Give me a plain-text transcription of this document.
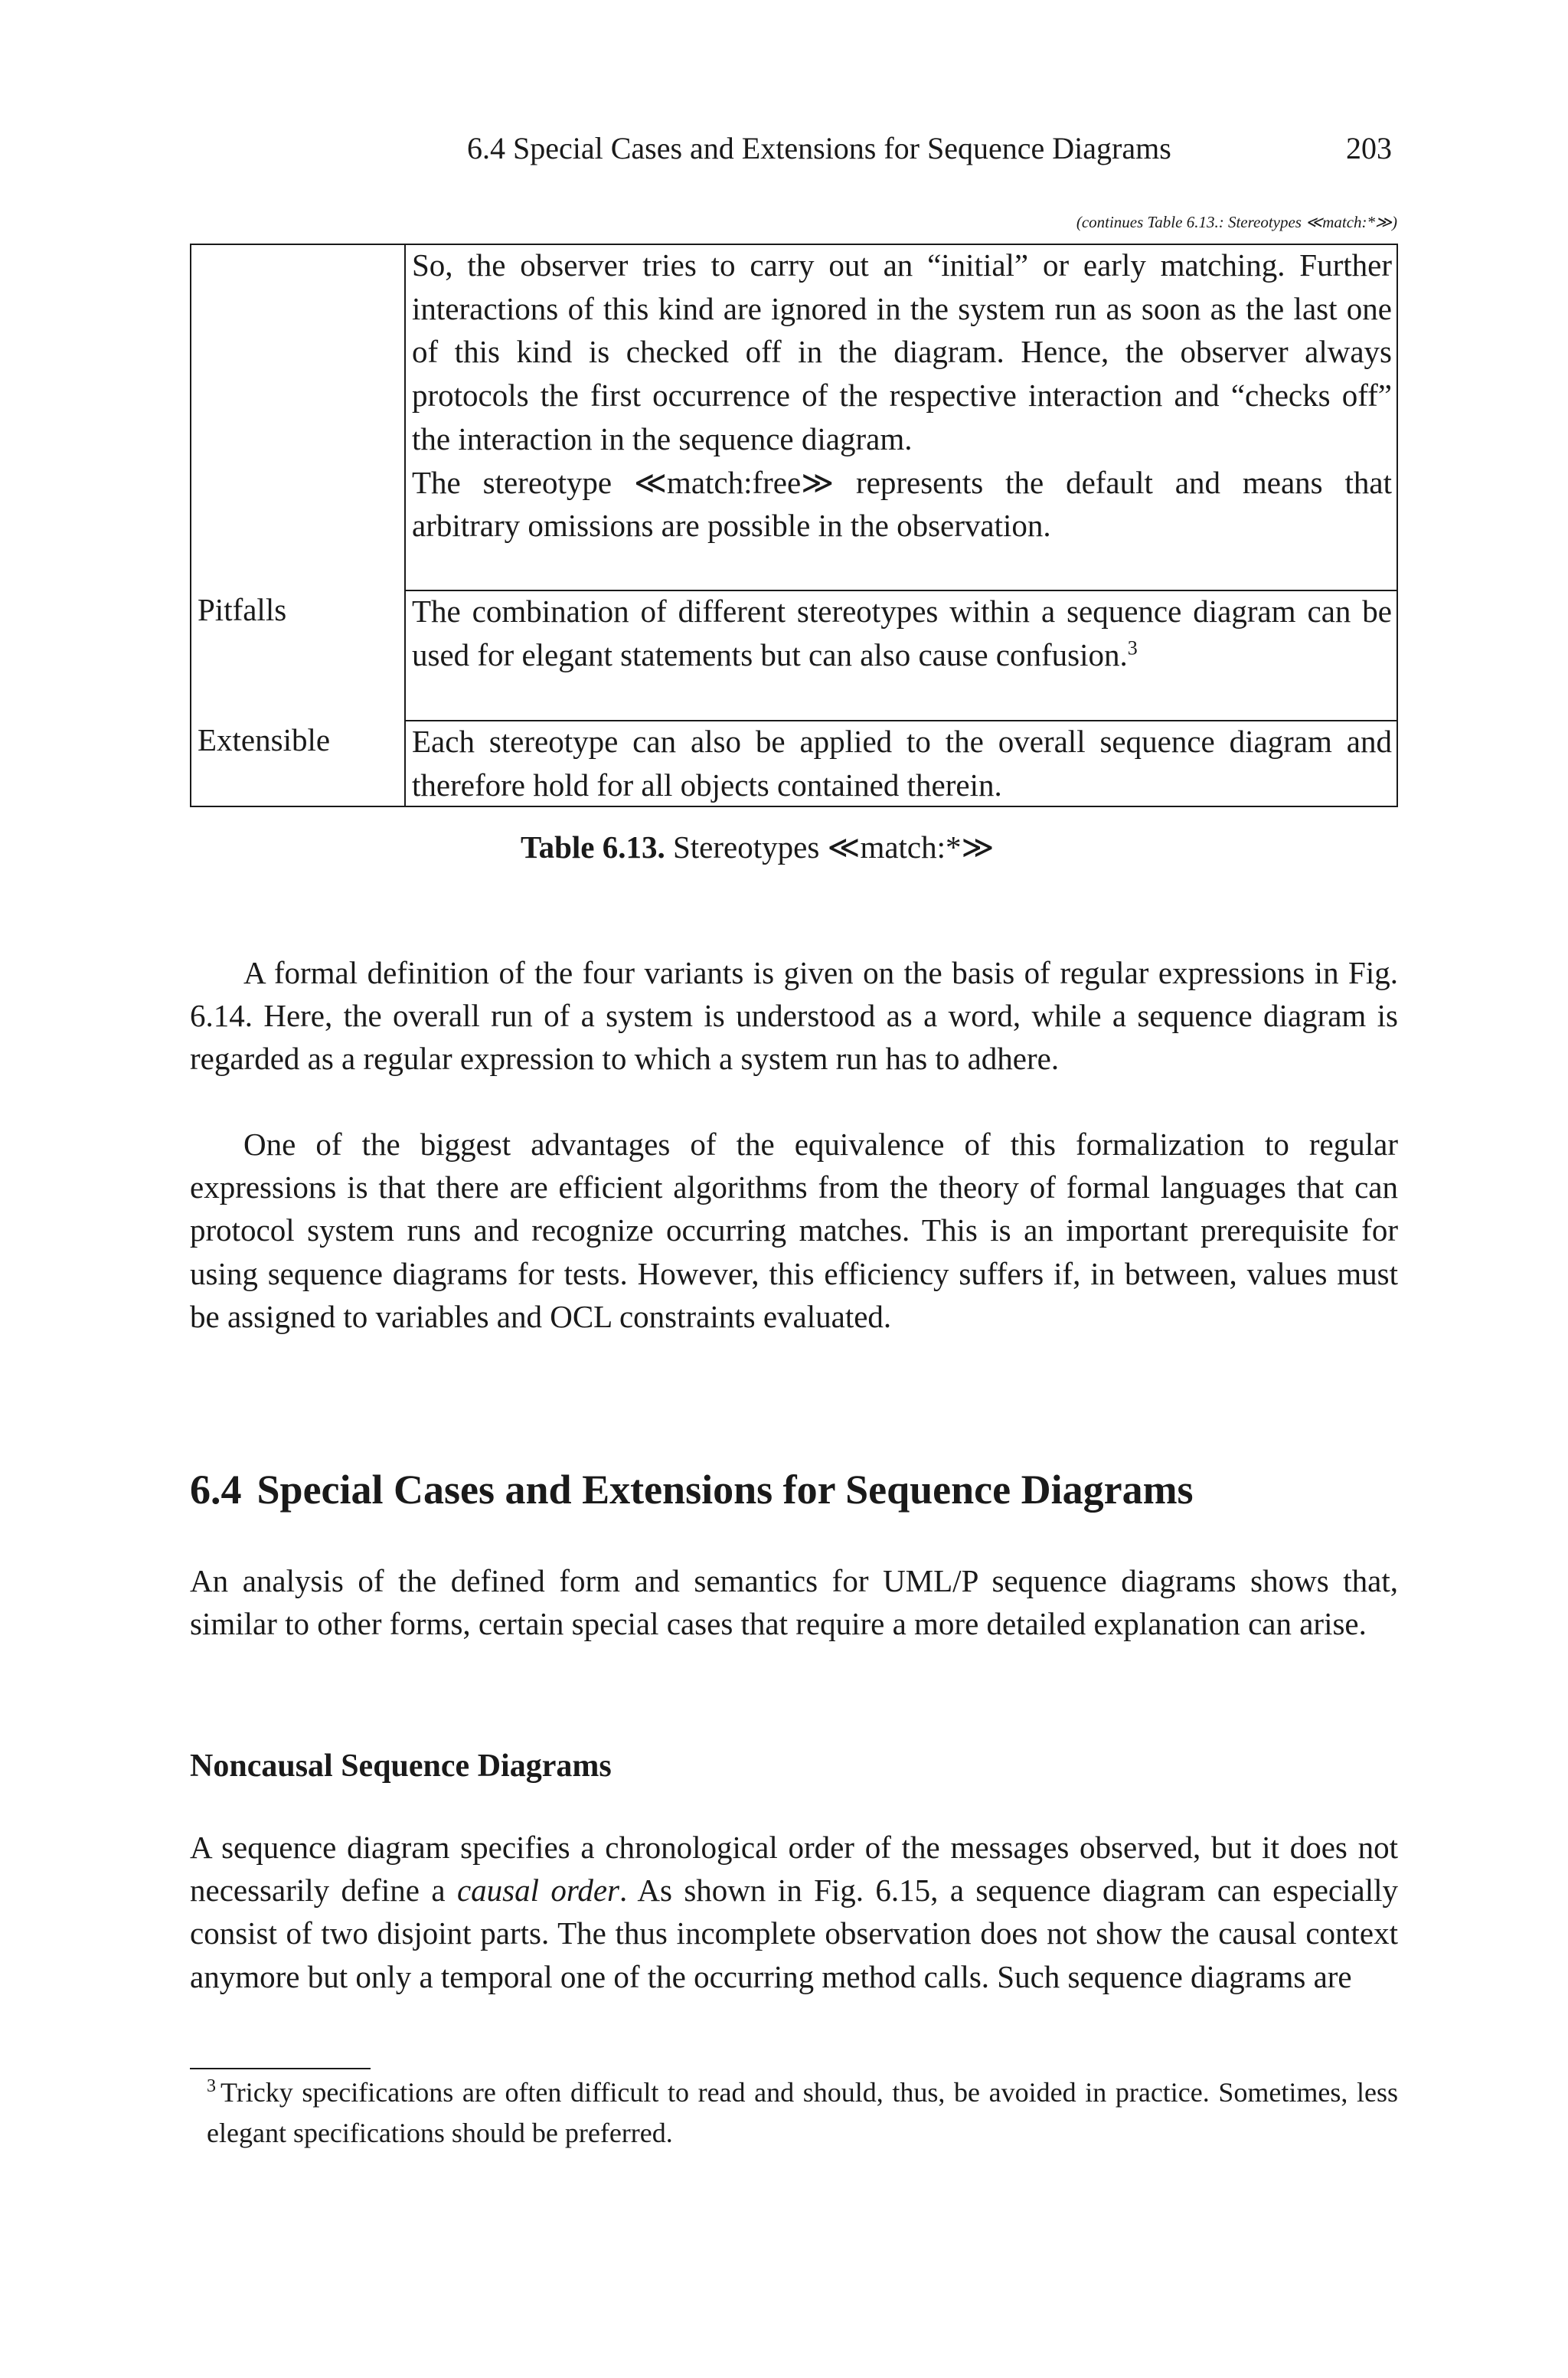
6.4 Special Cases and Extensions for Sequence Diagrams	203
(continues Table 6.13.: Stereotypes ≪match:*≫)

So, the observer tries to carry out an “initial” or early matching. Further interactions of this kind are ignored in the system run as soon as the last one of this kind is checked off in the diagram. Hence, the observer always protocols the first occurrence of the respective interaction and “checks off” the interaction in the sequence diagram.

The stereotype ≪match:free≫ represents the default and means that arbitrary omissions are possible in the observation.

Pitfalls	The combination of different stereotypes within a sequence diagram can be used for elegant statements but can also cause confusion.$^3$
Extensible	Each stereotype can also be applied to the overall sequence diagram and therefore hold for all objects contained therein.
Table 6.13. Stereotypes ≪match:*≫

A formal definition of the four variants is given on the basis of regular expressions in Fig. 6.14. Here, the overall run of a system is understood as a word, while a sequence diagram is regarded as a regular expression to which a system run has to adhere.

One of the biggest advantages of the equivalence of this formalization to regular expressions is that there are efficient algorithms from the theory of formal languages that can protocol system runs and recognize occurring matches. This is an important prerequisite for using sequence diagrams for tests. However, this efficiency suffers if, in between, values must be assigned to variables and OCL constraints evaluated.

6.4 Special Cases and Extensions for Sequence Diagrams
An analysis of the defined form and semantics for UML/P sequence diagrams shows that, similar to other forms, certain special cases that require a more detailed explanation can arise.
Noncausal Sequence Diagrams
A sequence diagram specifies a chronological order of the messages observed, but it does not necessarily define a causal order. As shown in Fig. 6.15, a sequence diagram can especially consist of two disjoint parts. The thus incomplete observation does not show the causal context anymore but only a temporal one of the occurring method calls. Such sequence diagrams are
$^3$ Tricky specifications are often difficult to read and should, thus, be avoided in practice. Sometimes, less elegant specifications should be preferred.
